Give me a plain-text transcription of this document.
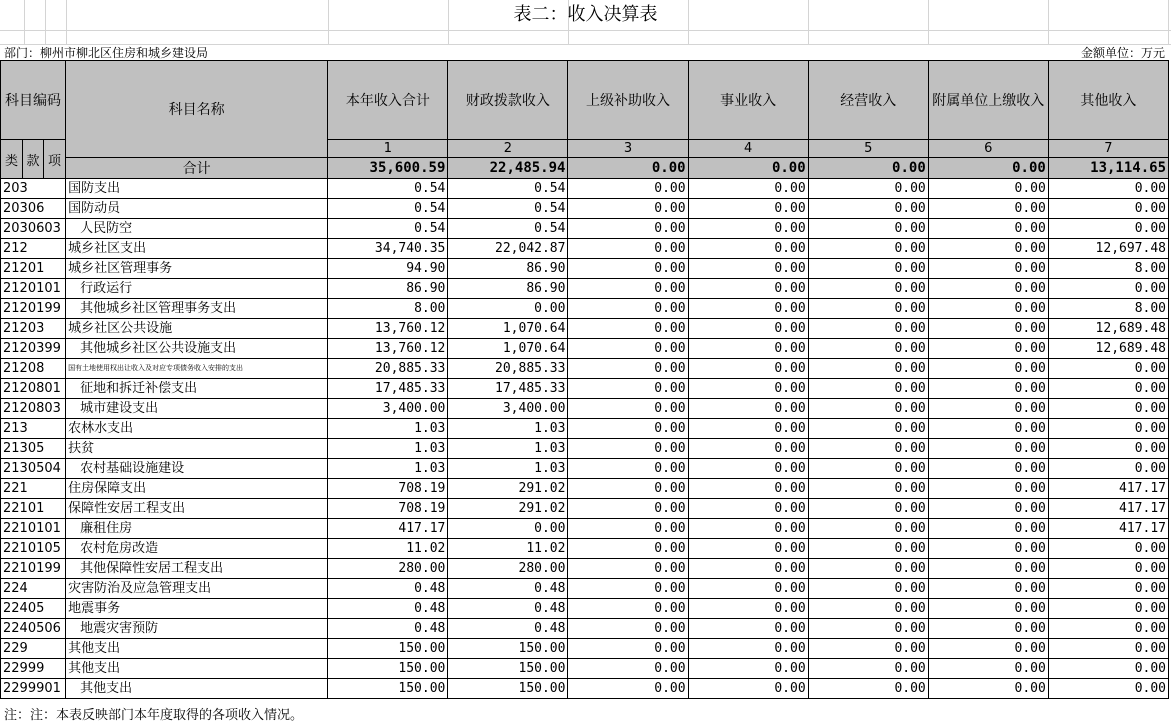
表二：收入决算表
部门：柳州市柳北区住房和城乡建设局	金额单位：万元
科目编码			科目名称	本年收入合计	财政拨款收入	上级补助收入	事业收入	经营收入	附属单位上缴收入	其他收入
类	款	项		1	2	3	4	5	6	7
			合计	35,600.59	22,485.94	0.00	0.00	0.00	0.00	13,114.65
203			国防支出	0.54	0.54	0.00	0.00	0.00	0.00	0.00
20306			国防动员	0.54	0.54	0.00	0.00	0.00	0.00	0.00
2030603			人民防空	0.54	0.54	0.00	0.00	0.00	0.00	0.00
212			城乡社区支出	34,740.35	22,042.87	0.00	0.00	0.00	0.00	12,697.48
21201			城乡社区管理事务	94.90	86.90	0.00	0.00	0.00	0.00	8.00
2120101			行政运行	86.90	86.90	0.00	0.00	0.00	0.00	0.00
2120199			其他城乡社区管理事务支出	8.00	0.00	0.00	0.00	0.00	0.00	8.00
21203			城乡社区公共设施	13,760.12	1,070.64	0.00	0.00	0.00	0.00	12,689.48
2120399			其他城乡社区公共设施支出	13,760.12	1,070.64	0.00	0.00	0.00	0.00	12,689.48
21208			国有土地使用权出让收入及对应专项债务收入安排的支出	20,885.33	20,885.33	0.00	0.00	0.00	0.00	0.00
2120801			征地和拆迁补偿支出	17,485.33	17,485.33	0.00	0.00	0.00	0.00	0.00
2120803			城市建设支出	3,400.00	3,400.00	0.00	0.00	0.00	0.00	0.00
213			农林水支出	1.03	1.03	0.00	0.00	0.00	0.00	0.00
21305			扶贫	1.03	1.03	0.00	0.00	0.00	0.00	0.00
2130504			农村基础设施建设	1.03	1.03	0.00	0.00	0.00	0.00	0.00
221			住房保障支出	708.19	291.02	0.00	0.00	0.00	0.00	417.17
22101			保障性安居工程支出	708.19	291.02	0.00	0.00	0.00	0.00	417.17
2210101			廉租住房	417.17	0.00	0.00	0.00	0.00	0.00	417.17
2210105			农村危房改造	11.02	11.02	0.00	0.00	0.00	0.00	0.00
2210199			其他保障性安居工程支出	280.00	280.00	0.00	0.00	0.00	0.00	0.00
224			灾害防治及应急管理支出	0.48	0.48	0.00	0.00	0.00	0.00	0.00
22405			地震事务	0.48	0.48	0.00	0.00	0.00	0.00	0.00
2240506			地震灾害预防	0.48	0.48	0.00	0.00	0.00	0.00	0.00
229			其他支出	150.00	150.00	0.00	0.00	0.00	0.00	0.00
22999			其他支出	150.00	150.00	0.00	0.00	0.00	0.00	0.00
2299901			其他支出	150.00	150.00	0.00	0.00	0.00	0.00	0.00
注：注：本表反映部门本年度取得的各项收入情况。
